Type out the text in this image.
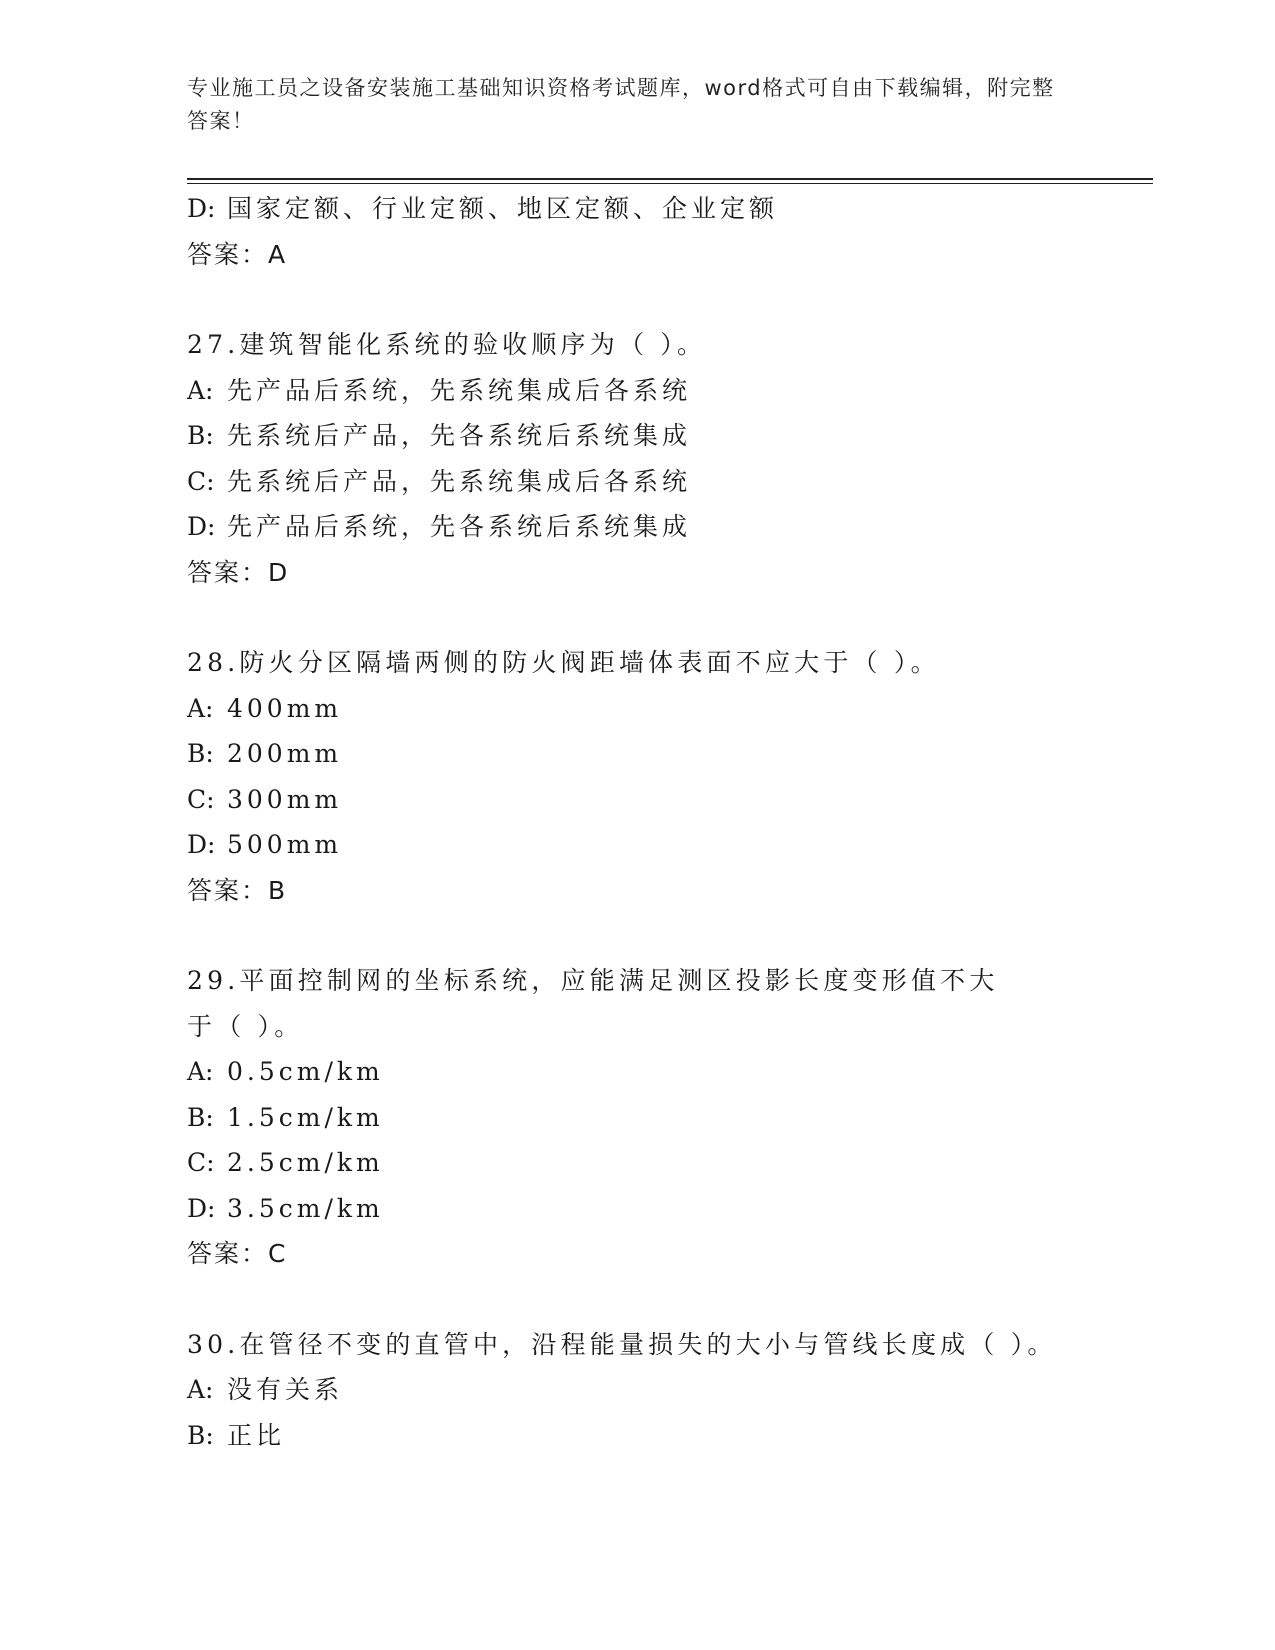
专业施工员之设备安装施工基础知识资格考试题库，word格式可自由下载编辑，附完整答案！
D: 国家定额、行业定额、地区定额、企业定额
答案：A
27.建筑智能化系统的验收顺序为（ ）。
A: 先产品后系统，先系统集成后各系统
B: 先系统后产品，先各系统后系统集成
C: 先系统后产品，先系统集成后各系统
D: 先产品后系统，先各系统后系统集成
答案：D
28.防火分区隔墙两侧的防火阀距墙体表面不应大于（ ）。
A: 400mm
B: 200mm
C: 300mm
D: 500mm
答案：B
29.平面控制网的坐标系统，应能满足测区投影长度变形值不大于（ ）。
A: 0.5cm/km
B: 1.5cm/km
C: 2.5cm/km
D: 3.5cm/km
答案：C
30.在管径不变的直管中，沿程能量损失的大小与管线长度成（ ）。
A: 没有关系
B: 正比
